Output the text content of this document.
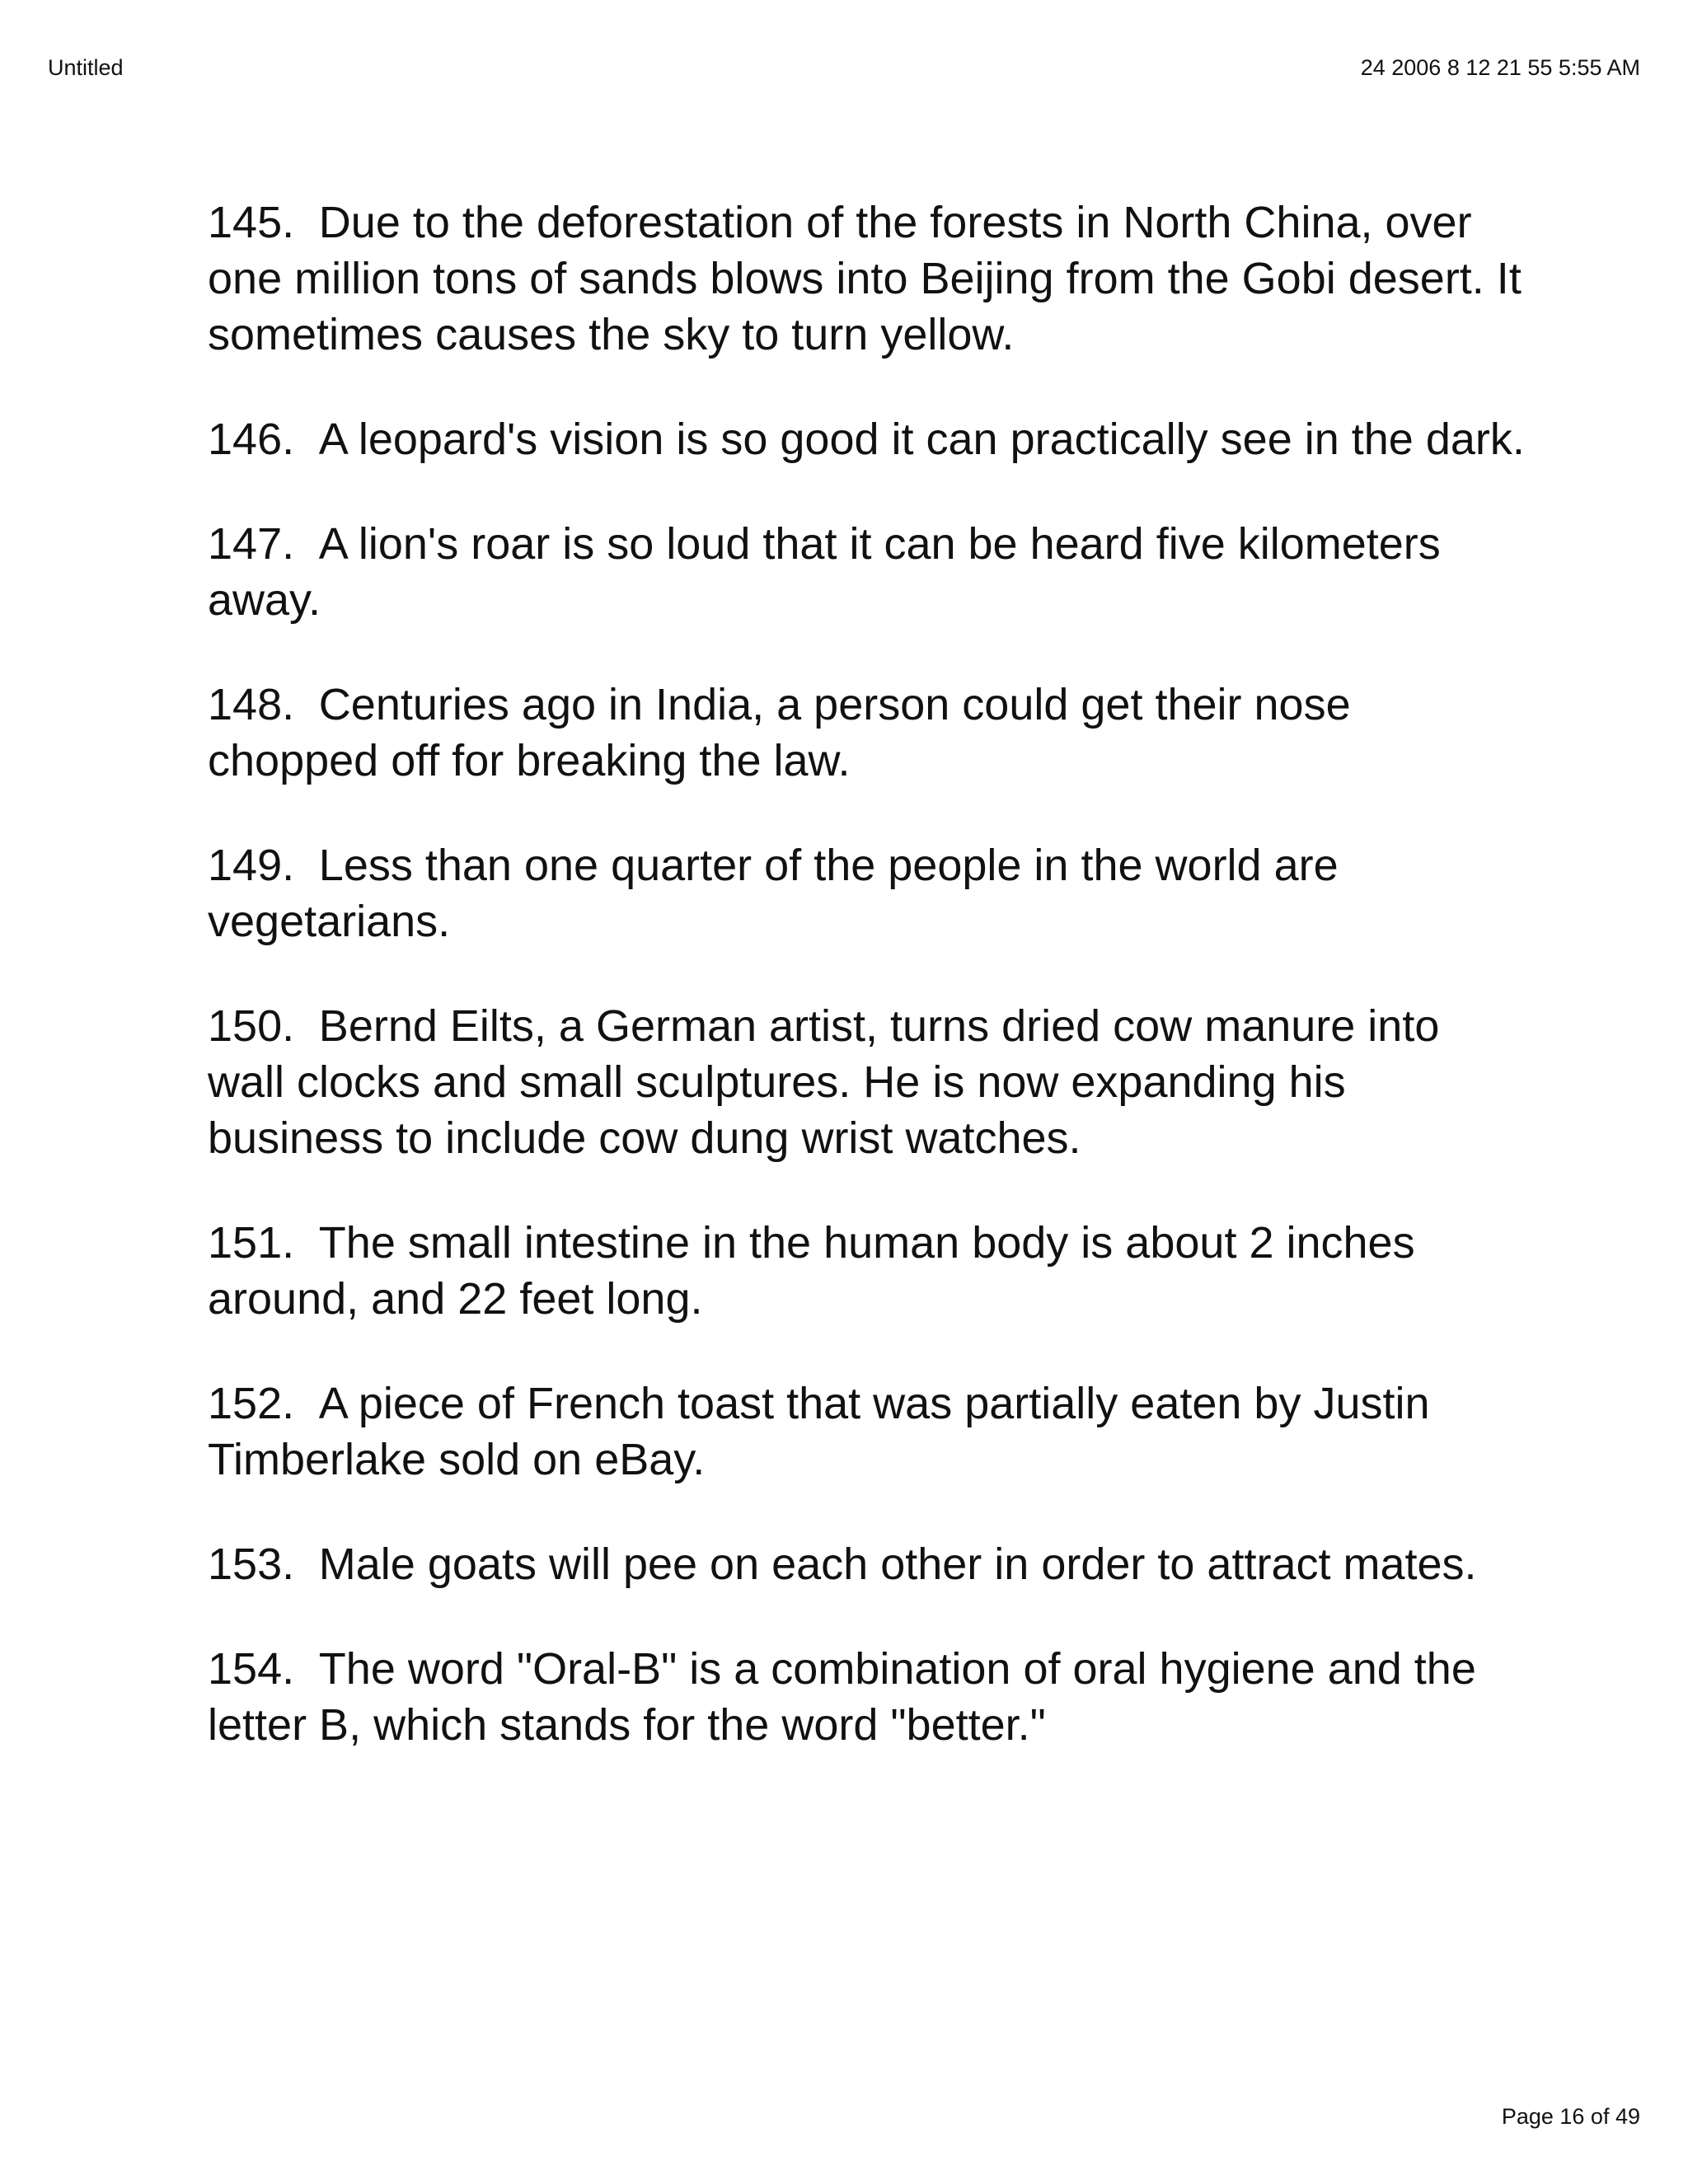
Untitled	24 2006 8 12 21 55 5:55 AM
145. Due to the deforestation of the forests in North China, over one million tons of sands blows into Beijing from the Gobi desert. It sometimes causes the sky to turn yellow.
146. A leopard's vision is so good it can practically see in the dark.
147. A lion's roar is so loud that it can be heard five kilometers away.
148. Centuries ago in India, a person could get their nose chopped off for breaking the law.
149. Less than one quarter of the people in the world are vegetarians.
150. Bernd Eilts, a German artist, turns dried cow manure into wall clocks and small sculptures. He is now expanding his business to include cow dung wrist watches.
151. The small intestine in the human body is about 2 inches around, and 22 feet long.
152. A piece of French toast that was partially eaten by Justin Timberlake sold on eBay.
153. Male goats will pee on each other in order to attract mates.
154. The word "Oral-B" is a combination of oral hygiene and the letter B, which stands for the word "better."
Page 16 of 49
